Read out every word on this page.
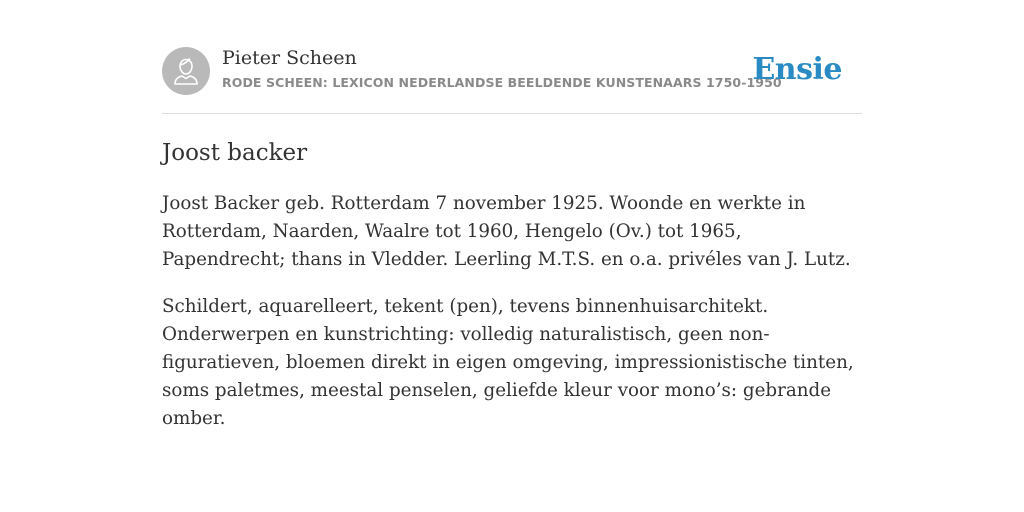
Pieter Scheen
RODE SCHEEN: LEXICON NEDERLANDSE BEELDENDE KUNSTENAARS 1750-1950
Ensie
Joost backer

Joost Backer geb. Rotterdam 7 november 1925. Woonde en werkte in Rotterdam, Naarden, Waalre tot 1960, Hengelo (Ov.) tot 1965, Papendrecht; thans in Vledder. Leerling M.T.S. en o.a. privéles van J. Lutz.

Schildert, aquarelleert, tekent (pen), tevens binnenhuisarchitekt. Onderwerpen en kunstrichting: volledig naturalistisch, geen non-figuratieven, bloemen direkt in eigen omgeving, impressionistische tinten, soms paletmes, meestal penselen, geliefde kleur voor mono’s: gebrande omber.
